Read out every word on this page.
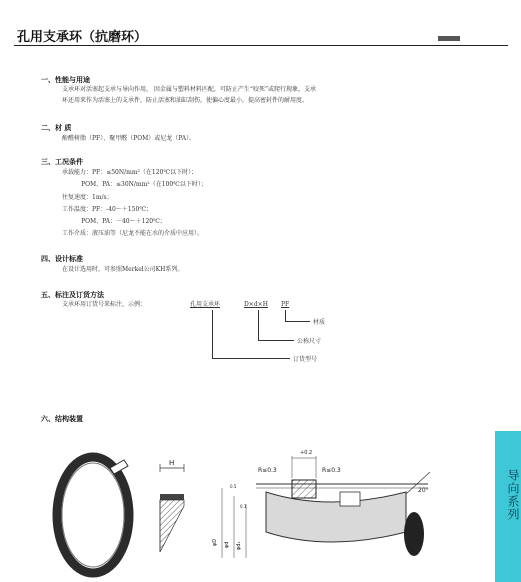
孔用支承环（抗磨环）
一、性能与用途
支承环对活塞起支承与导向作用， 因金属与塑料材料匹配，可防止产生“咬死”或爬行现象，支承
环还用来作为活塞上的支承件，防止活塞和油缸刮伤，使偏心度最小，提高密封件的耐用度。
二、材 质
酚醛树脂（PF）、聚甲醛（POM）或尼龙（PA）。
三、工况条件
承载能力：PF：≤50N/mm²（在120℃以下时）；
POM、PA：≤30N/mm²（在100℃以下时）；
往复速度：1m/s；
工作温度：PF：-40～＋150℃；
POM、PA：－40～＋120℃；
工作介质：液压油等（尼龙不能在水的介质中应用）。
四、设计标准
在设计选用时，可参照Merkel公司KH系列。
五、标注及订货方法
支承环用订货号来标注，示例：	孔用支承环	D×d×H PF
材质
公称尺寸
订货型号
六、结构装置
H
20°
+0.2
R≤0.3	R≤0.3
φD φd φd₁
0.5
0.1	导向系列
